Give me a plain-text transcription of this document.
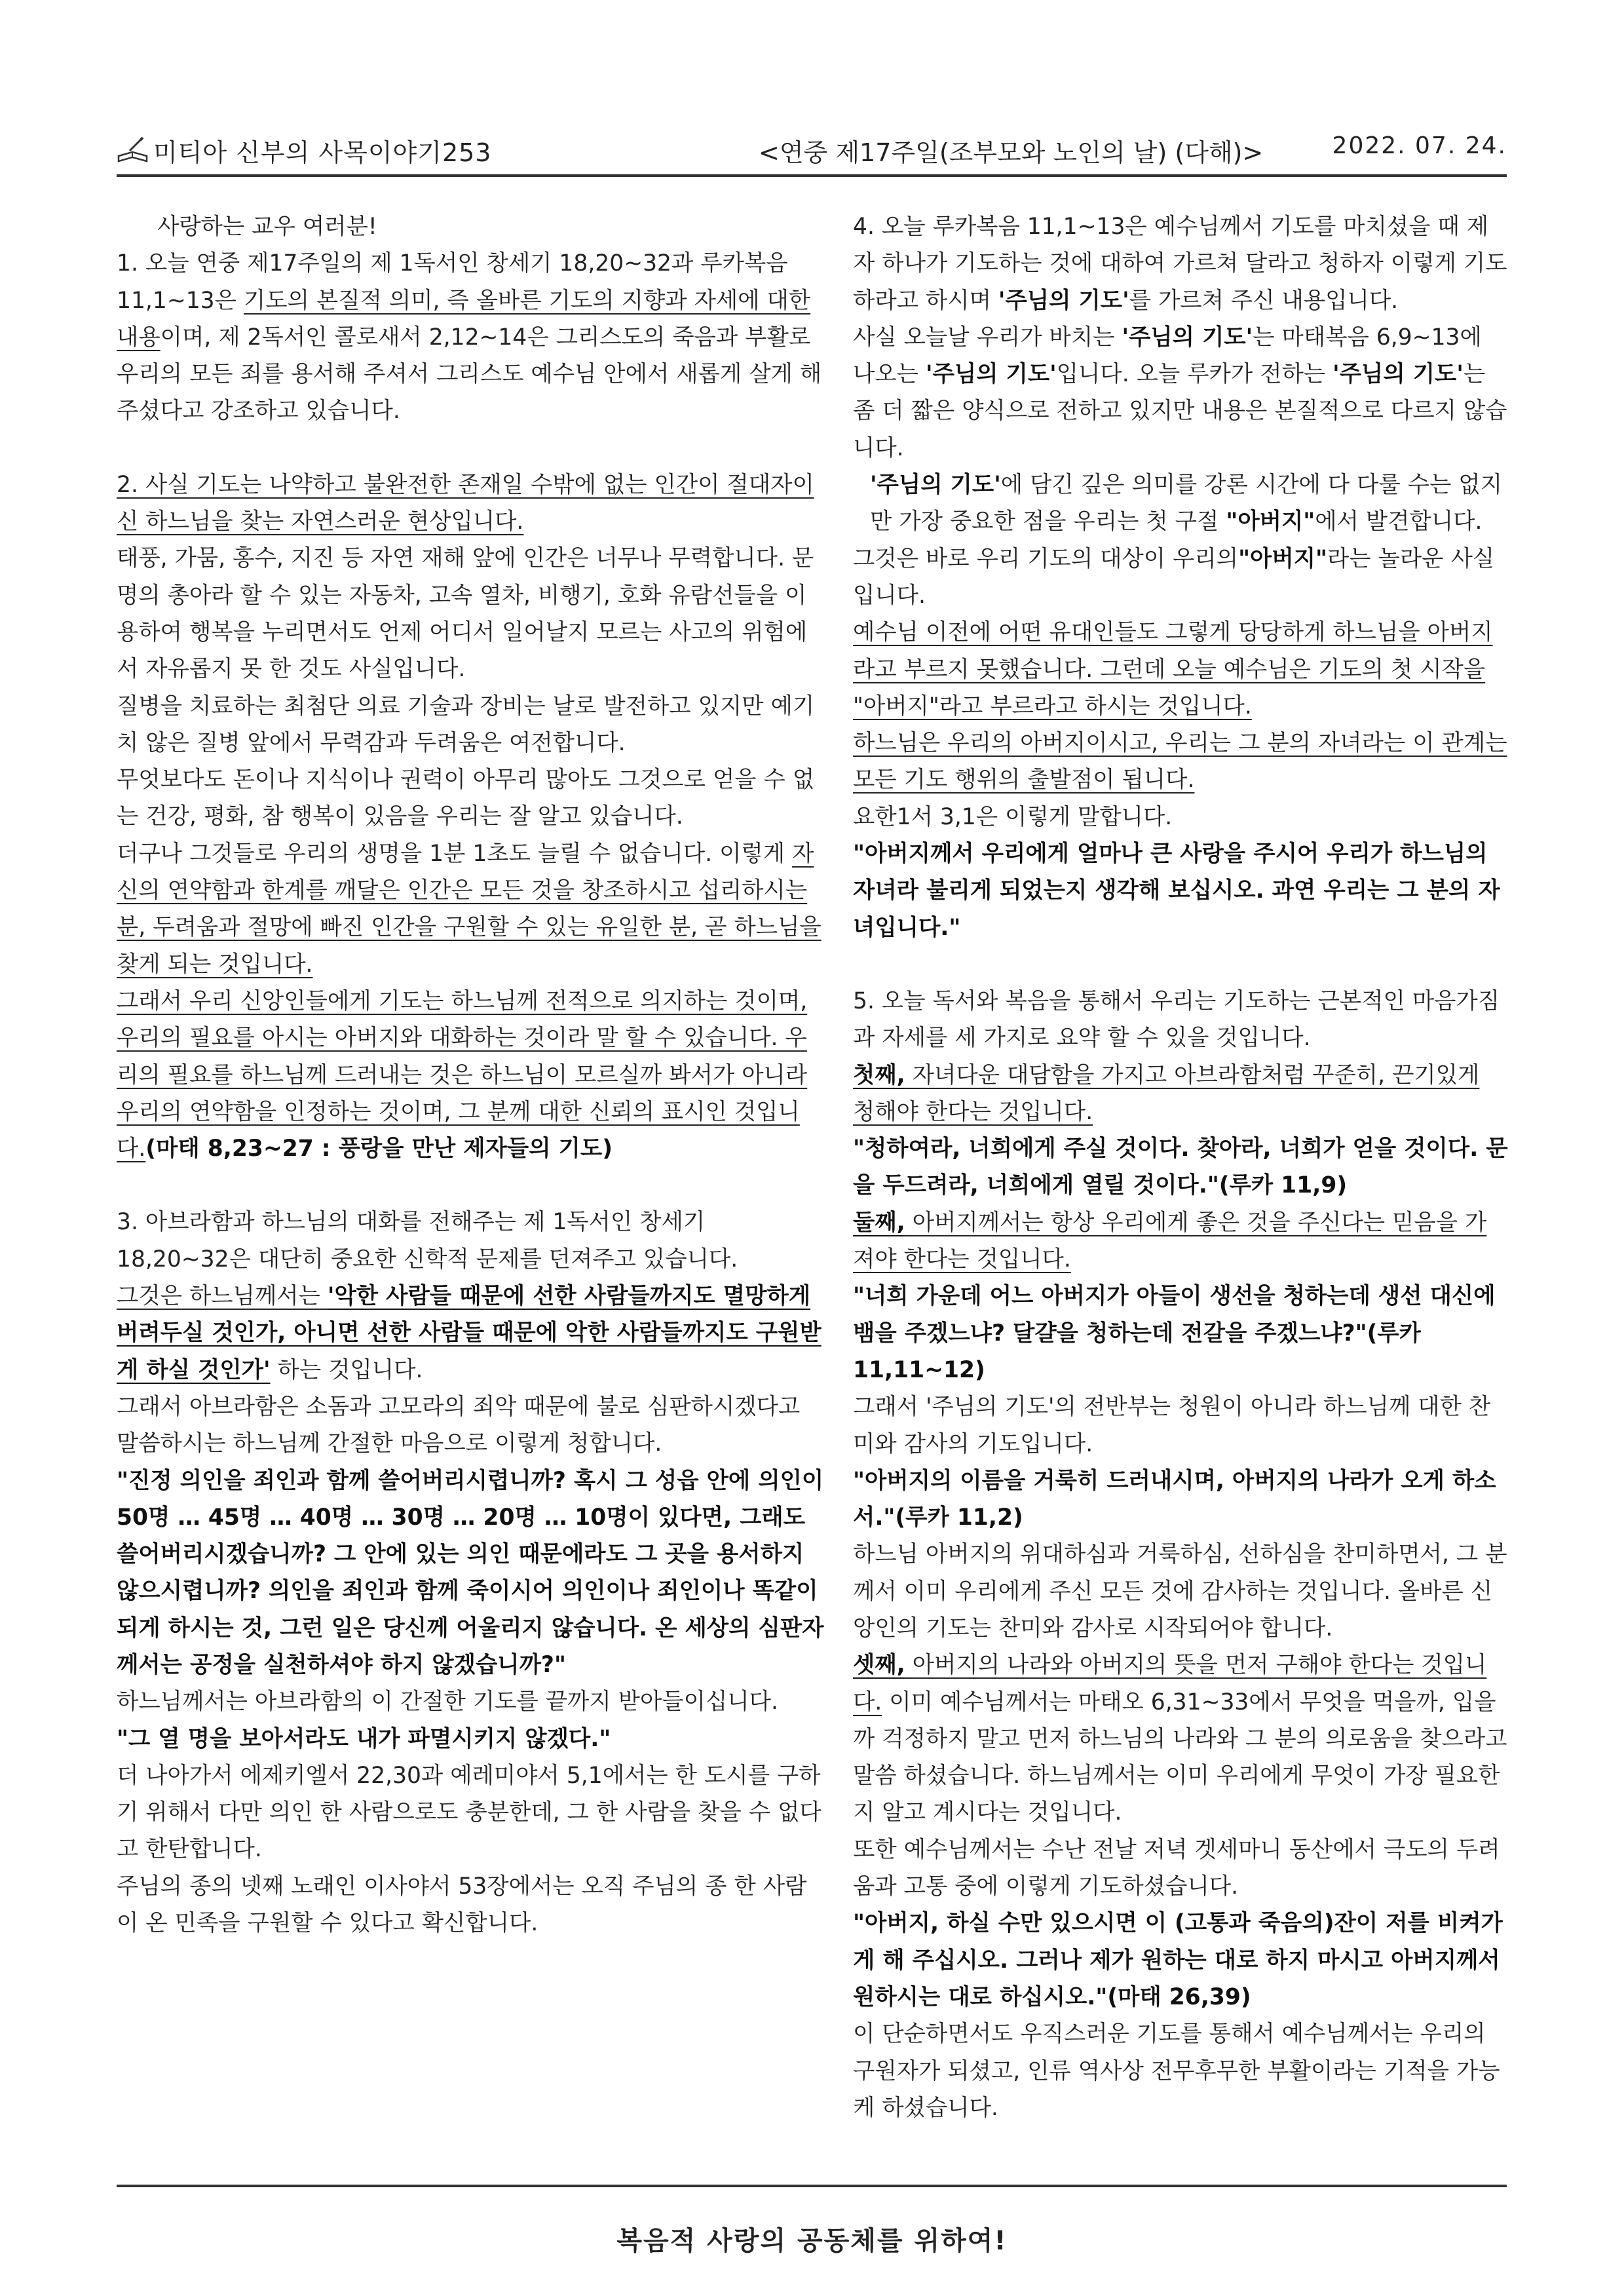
미티아 신부의 사목이야기253	<연중 제17주일(조부모와 노인의 날) (다해)>	2022. 07. 24.

사랑하는 교우 여러분!

1. 오늘 연중 제17주일의 제 1독서인 창세기 18,20~32과 루카복음 11,1~13은 기도의 본질적 의미, 즉 올바른 기도의 지향과 자세에 대한 내용이며, 제 2독서인 콜로새서 2,12~14은 그리스도의 죽음과 부활로 우리의 모든 죄를 용서해 주셔서 그리스도 예수님 안에서 새롭게 살게 해 주셨다고 강조하고 있습니다.

2. 사실 기도는 나약하고 불완전한 존재일 수밖에 없는 인간이 절대자이신 하느님을 찾는 자연스러운 현상입니다.

태풍, 가뭄, 홍수, 지진 등 자연 재해 앞에 인간은 너무나 무력합니다. 문명의 총아라 할 수 있는 자동차, 고속 열차, 비행기, 호화 유람선들을 이용하여 행복을 누리면서도 언제 어디서 일어날지 모르는 사고의 위험에서 자유롭지 못 한 것도 사실입니다.

질병을 치료하는 최첨단 의료 기술과 장비는 날로 발전하고 있지만 예기치 않은 질병 앞에서 무력감과 두려움은 여전합니다.

무엇보다도 돈이나 지식이나 권력이 아무리 많아도 그것으로 얻을 수 없는 건강, 평화, 참 행복이 있음을 우리는 잘 알고 있습니다.

더구나 그것들로 우리의 생명을 1분 1초도 늘릴 수 없습니다. 이렇게 자신의 연약함과 한계를 깨달은 인간은 모든 것을 창조하시고 섭리하시는 분, 두려움과 절망에 빠진 인간을 구원할 수 있는 유일한 분, 곧 하느님을 찾게 되는 것입니다.

그래서 우리 신앙인들에게 기도는 하느님께 전적으로 의지하는 것이며, 우리의 필요를 아시는 아버지와 대화하는 것이라 말 할 수 있습니다. 우리의 필요를 하느님께 드러내는 것은 하느님이 모르실까 봐서가 아니라 우리의 연약함을 인정하는 것이며, 그 분께 대한 신뢰의 표시인 것입니다.(마태 8,23~27 : 풍랑을 만난 제자들의 기도)

3. 아브라함과 하느님의 대화를 전해주는 제 1독서인 창세기 18,20~32은 대단히 중요한 신학적 문제를 던져주고 있습니다.

그것은 하느님께서는 '악한 사람들 때문에 선한 사람들까지도 멸망하게 버려두실 것인가, 아니면 선한 사람들 때문에 악한 사람들까지도 구원받게 하실 것인가' 하는 것입니다.

그래서 아브라함은 소돔과 고모라의 죄악 때문에 불로 심판하시겠다고 말씀하시는 하느님께 간절한 마음으로 이렇게 청합니다.

"진정 의인을 죄인과 함께 쓸어버리시렵니까? 혹시 그 성읍 안에 의인이 50명 … 45명 … 40명 … 30명 … 20명 … 10명이 있다면, 그래도 쓸어버리시겠습니까? 그 안에 있는 의인 때문에라도 그 곳을 용서하지 않으시렵니까? 의인을 죄인과 함께 죽이시어 의인이나 죄인이나 똑같이 되게 하시는 것, 그런 일은 당신께 어울리지 않습니다. 온 세상의 심판자께서는 공정을 실천하셔야 하지 않겠습니까?"

하느님께서는 아브라함의 이 간절한 기도를 끝까지 받아들이십니다.

"그 열 명을 보아서라도 내가 파멸시키지 않겠다."

더 나아가서 에제키엘서 22,30과 예레미야서 5,1에서는 한 도시를 구하기 위해서 다만 의인 한 사람으로도 충분한데, 그 한 사람을 찾을 수 없다고 한탄합니다.

주님의 종의 넷째 노래인 이사야서 53장에서는 오직 주님의 종 한 사람이 온 민족을 구원할 수 있다고 확신합니다.

4. 오늘 루카복음 11,1~13은 예수님께서 기도를 마치셨을 때 제자 하나가 기도하는 것에 대하여 가르쳐 달라고 청하자 이렇게 기도하라고 하시며 '주님의 기도'를 가르쳐 주신 내용입니다.

사실 오늘날 우리가 바치는 '주님의 기도'는 마태복음 6,9~13에 나오는 '주님의 기도'입니다. 오늘 루카가 전하는 '주님의 기도'는 좀 더 짧은 양식으로 전하고 있지만 내용은 본질적으로 다르지 않습니다.

'주님의 기도'에 담긴 깊은 의미를 강론 시간에 다 다룰 수는 없지만 가장 중요한 점을 우리는 첫 구절 "아버지"에서 발견합니다.

그것은 바로 우리 기도의 대상이 우리의"아버지"라는 놀라운 사실입니다.

예수님 이전에 어떤 유대인들도 그렇게 당당하게 하느님을 아버지라고 부르지 못했습니다. 그런데 오늘 예수님은 기도의 첫 시작을 "아버지"라고 부르라고 하시는 것입니다.

하느님은 우리의 아버지이시고, 우리는 그 분의 자녀라는 이 관계는 모든 기도 행위의 출발점이 됩니다.

요한1서 3,1은 이렇게 말합니다.

"아버지께서 우리에게 얼마나 큰 사랑을 주시어 우리가 하느님의 자녀라 불리게 되었는지 생각해 보십시오. 과연 우리는 그 분의 자녀입니다."

5. 오늘 독서와 복음을 통해서 우리는 기도하는 근본적인 마음가짐과 자세를 세 가지로 요약 할 수 있을 것입니다.

첫째, 자녀다운 대담함을 가지고 아브라함처럼 꾸준히, 끈기있게 청해야 한다는 것입니다.

"청하여라, 너희에게 주실 것이다. 찾아라, 너희가 얻을 것이다. 문을 두드려라, 너희에게 열릴 것이다."(루카 11,9)

둘째, 아버지께서는 항상 우리에게 좋은 것을 주신다는 믿음을 가져야 한다는 것입니다.

"너희 가운데 어느 아버지가 아들이 생선을 청하는데 생선 대신에 뱀을 주겠느냐? 달걀을 청하는데 전갈을 주겠느냐?"(루카 11,11~12)

그래서 '주님의 기도'의 전반부는 청원이 아니라 하느님께 대한 찬미와 감사의 기도입니다.

"아버지의 이름을 거룩히 드러내시며, 아버지의 나라가 오게 하소서."(루카 11,2)

하느님 아버지의 위대하심과 거룩하심, 선하심을 찬미하면서, 그 분께서 이미 우리에게 주신 모든 것에 감사하는 것입니다. 올바른 신앙인의 기도는 찬미와 감사로 시작되어야 합니다.

셋째, 아버지의 나라와 아버지의 뜻을 먼저 구해야 한다는 것입니다. 이미 예수님께서는 마태오 6,31~33에서 무엇을 먹을까, 입을까 걱정하지 말고 먼저 하느님의 나라와 그 분의 의로움을 찾으라고 말씀 하셨습니다. 하느님께서는 이미 우리에게 무엇이 가장 필요한지 알고 계시다는 것입니다.

또한 예수님께서는 수난 전날 저녁 겟세마니 동산에서 극도의 두려움과 고통 중에 이렇게 기도하셨습니다.

"아버지, 하실 수만 있으시면 이 (고통과 죽음의)잔이 저를 비켜가게 해 주십시오. 그러나 제가 원하는 대로 하지 마시고 아버지께서 원하시는 대로 하십시오."(마태 26,39)

이 단순하면서도 우직스러운 기도를 통해서 예수님께서는 우리의 구원자가 되셨고, 인류 역사상 전무후무한 부활이라는 기적을 가능케 하셨습니다.

복음적 사랑의 공동체를 위하여!
